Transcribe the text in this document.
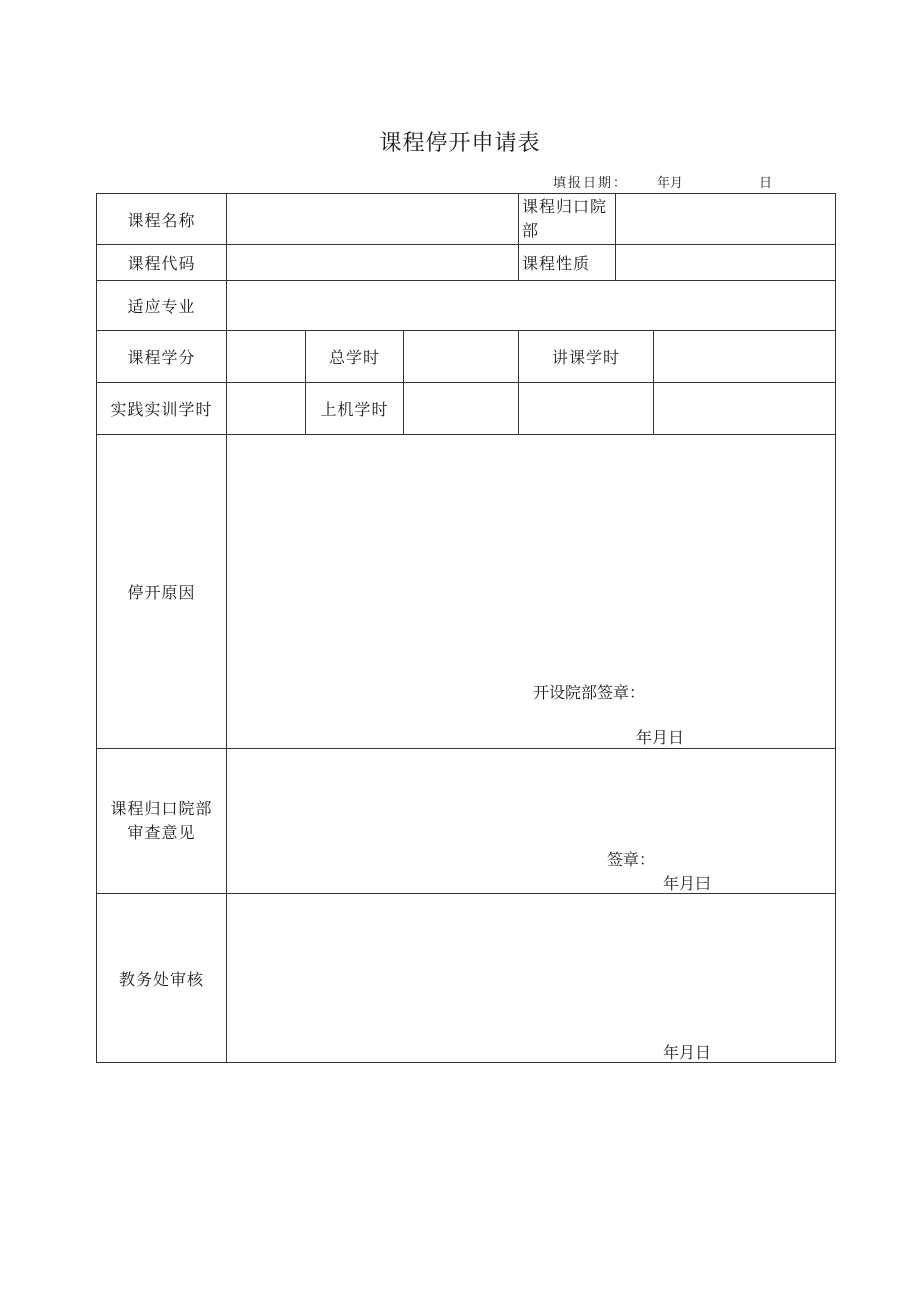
课程停开申请表
填报日期： 年月	日
课程名称				课程归口院部		
课程代码				课程性质		
适应专业						
课程学分		总学时		讲课学时		
实践实训学时		上机学时				
停开原因	开设院部签章：
年月日					

课程归口院部审查意见	签章：
年月曰					

教务处审核	年月日					
